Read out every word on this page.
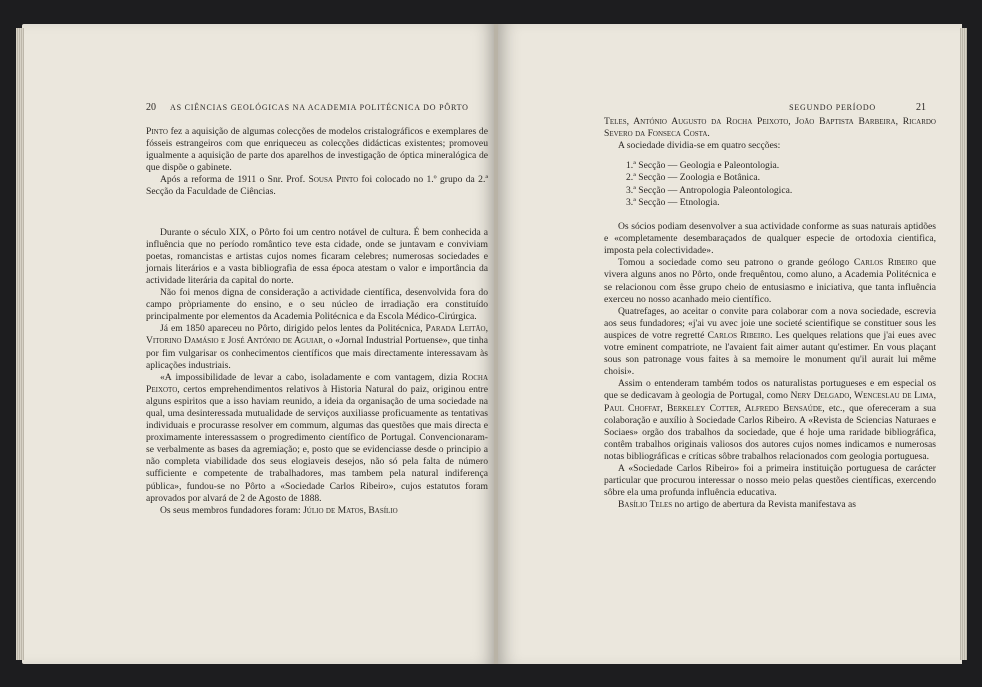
20 AS CIÊNCIAS GEOLÓGICAS NA ACADEMIA POLITÉCNICA DO PÔRTO

Pinto fez a aquisição de algumas colecções de modelos cristalográficos e exemplares de fósseis estrangeiros com que enriqueceu as colecções didácticas existentes; promoveu igualmente a aquisição de parte dos aparelhos de investigação de óptica mineralógica de que dispõe o gabinete.

Após a reforma de 1911 o Snr. Prof. Sousa Pinto foi colocado no 1.º grupo da 2.ª Secção da Faculdade de Ciências.

Durante o século XIX, o Pôrto foi um centro notável de cultura. É bem conhecida a influência que no período romântico teve esta cidade, onde se juntavam e conviviam poetas, romancistas e artistas cujos nomes ficaram celebres; numerosas sociedades e jornais literários e a vasta bibliografia de essa época atestam o valor e importância da actividade literária da capital do norte.

Não foi menos digna de consideração a actividade científica, desenvolvida fora do campo pròpriamente do ensino, e o seu núcleo de irradiação era constituído principalmente por elementos da Academia Politécnica e da Escola Médico-Cirúrgica.

Já em 1850 apareceu no Pôrto, dirigido pelos lentes da Politécnica, Parada Leitão, Vitorino Damásio e José António de Aguiar, o «Jornal Industrial Portuense», que tinha por fim vulgarisar os conhecimentos científicos que mais directamente interessavam às aplicações industriais.

«A impossibilidade de levar a cabo, isoladamente e com vantagem, dizia Rocha Peixoto, certos emprehendimentos relativos à Historia Natural do paiz, originou entre alguns espiritos que a isso haviam reunido, a ideia da organisação de uma sociedade na qual, uma desinteressada mutualidade de serviços auxiliasse proficuamente as tentativas individuais e procurasse resolver em commum, algumas das questões que mais directa e proximamente interessassem o progredimento científico de Portugal. Convencionaram-se verbalmente as bases da agremiação; e, posto que se evidenciasse desde o principio a não completa viabilidade dos seus elogiaveis desejos, não só pela falta de número sufficiente e competente de trabalhadores, mas tambem pela natural indiferença pública», fundou-se no Pôrto a «Sociedade Carlos Ribeiro», cujos estatutos foram aprovados por alvará de 2 de Agosto de 1888.

Os seus membros fundadores foram: Júlio de Matos, Basílio

SEGUNDO PERÍODO	21

Teles, António Augusto da Rocha Peixoto, João Baptista Barbeira, Ricardo Severo da Fonseca Costa.

A sociedade dividia-se em quatro secções:

1.ª Secção — Geologia e Paleontologia.
2.ª Secção — Zoologia e Botânica.
3.ª Secção — Antropologia Paleontologica.
3.ª Secção — Etnologia.

Os sócios podiam desenvolver a sua actividade conforme as suas naturais aptidões e «completamente desembaraçados de qualquer especie de ortodoxia cientifica, imposta pela colectividade».

Tomou a sociedade como seu patrono o grande geólogo Carlos Ribeiro que vivera alguns anos no Pôrto, onde frequêntou, como aluno, a Academia Politécnica e se relacionou com êsse grupo cheio de entusiasmo e iniciativa, que tanta influência exerceu no nosso acanhado meio científico.

Quatrefages, ao aceitar o convite para colaborar com a nova sociedade, escrevia aos seus fundadores; «j'ai vu avec joie une societé scientifique se constituer sous les auspices de votre regretté Carlos Ribeiro. Les quelques relations que j'ai eues avec votre eminent compatriote, ne l'avaient fait aimer autant qu'estimer. En vous plaçant sous son patronage vous faites à sa memoire le monument qu'il aurait lui même choisi».

Assim o entenderam também todos os naturalistas portugueses e em especial os que se dedicavam à geologia de Portugal, como Nery Delgado, Wenceslau de Lima, Paul Choffat, Berkeley Cotter, Alfredo Bensaúde, etc., que ofereceram a sua colaboração e auxílio à Sociedade Carlos Ribeiro. A «Revista de Sciencias Naturaes e Sociaes» orgão dos trabalhos da sociedade, que é hoje uma raridade bibliográfica, contêm trabalhos originais valiosos dos autores cujos nomes indicamos e numerosas notas bibliográficas e críticas sôbre trabalhos relacionados com geologia portuguesa.

A «Sociedade Carlos Ribeiro» foi a primeira instituição portuguesa de carácter particular que procurou interessar o nosso meio pelas questões científicas, exercendo sôbre ela uma profunda influência educativa.

Basílio Teles no artigo de abertura da Revista manifestava as
